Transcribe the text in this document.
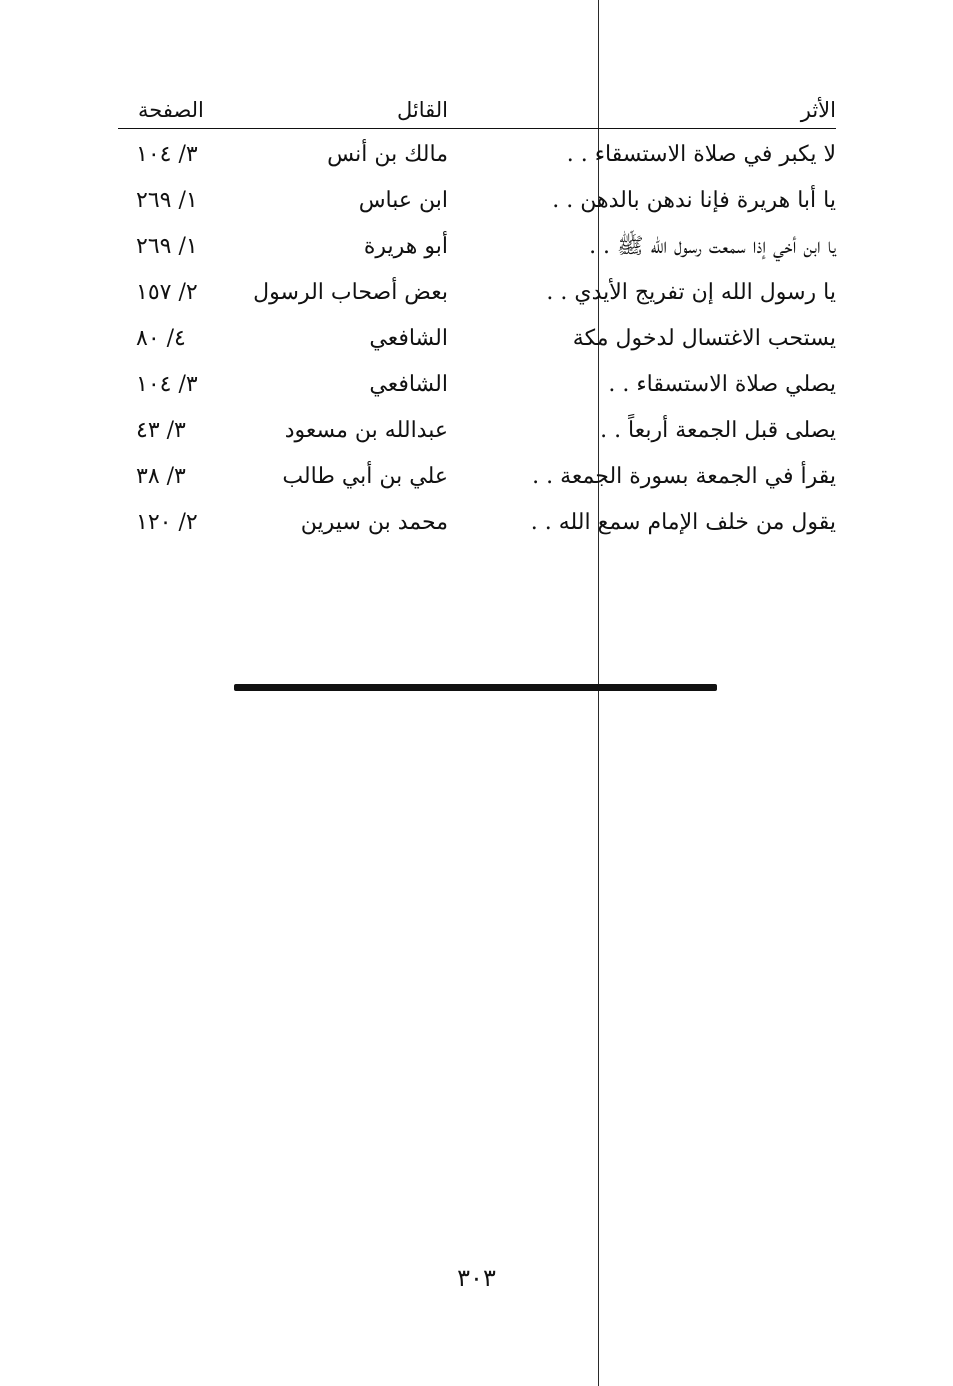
الأثر
القائل
الصفحة
لا يكبر في صلاة الاستسقاء . .
مالك بن أنس
٣/ ١٠٤
يا أبا هريرة فإنا ندهن بالدهن . .
ابن عباس
١/ ٢٦٩
يا ابن أخي إذا سمعت رسول الله ﷺ . .
أبو هريرة
١/ ٢٦٩
يا رسول الله إن تفريج الأيدي . .
بعض أصحاب الرسول
٢/ ١٥٧
يستحب الاغتسال لدخول مكة
الشافعي
٤/ ٨٠
يصلي صلاة الاستسقاء . .
الشافعي
٣/ ١٠٤
يصلى قبل الجمعة أربعاً . .
عبدالله بن مسعود
٣/ ٤٣
يقرأ في الجمعة بسورة الجمعة . .
علي بن أبي طالب
٣/ ٣٨
يقول من خلف الإمام سمع الله . .
محمد بن سيرين
٢/ ١٢٠
٣٠٣
